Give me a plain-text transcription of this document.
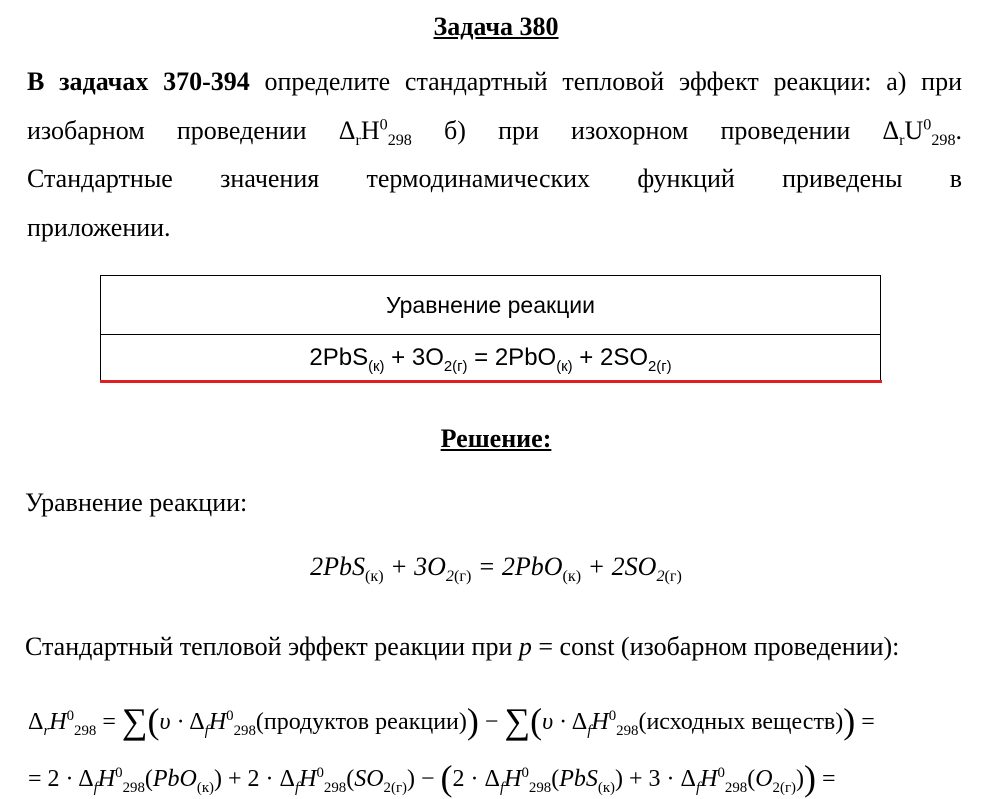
Задача 380
В задачах 370-394 определите стандартный тепловой эффект реакции: а) при
изобарном проведении $\Delta_rH^0_{298}$ б) при изохорном проведении $\Delta_rU^0_{298}$.
Стандартные значения термодинамических функций приведены в
приложении.
Уравнение реакции
$2PbS_{(к)} + 3O_{2(г)} = 2PbO_{(к)} + 2SO_{2(г)}$
Решение:
Уравнение реакции:
$2PbS_{(к)} + 3O_{2(г)} = 2PbO_{(к)} + 2SO_{2(г)}$
Стандартный тепловой эффект реакции при p = const (изобарном проведении):
$\Delta_rH^0_{298} = \sum(\upsilon$ · $\Delta_fH^0_{298}(продуктов$ реакции)) − $\sum(\upsilon \cdot \Delta_fH^0_{298}(исходных$ веществ)) =
= $2 \cdot \Delta_fH^0_{298}(PbO_{(к)}) + 2 \cdot \Delta_fH^0_{298}(SO_{2(г)}) - (2 \cdot \Delta_fH^0_{298}(PbS_{(к)}) + 3 \cdot \Delta_fH^0_{298}(O_{2(г)}))$ =
